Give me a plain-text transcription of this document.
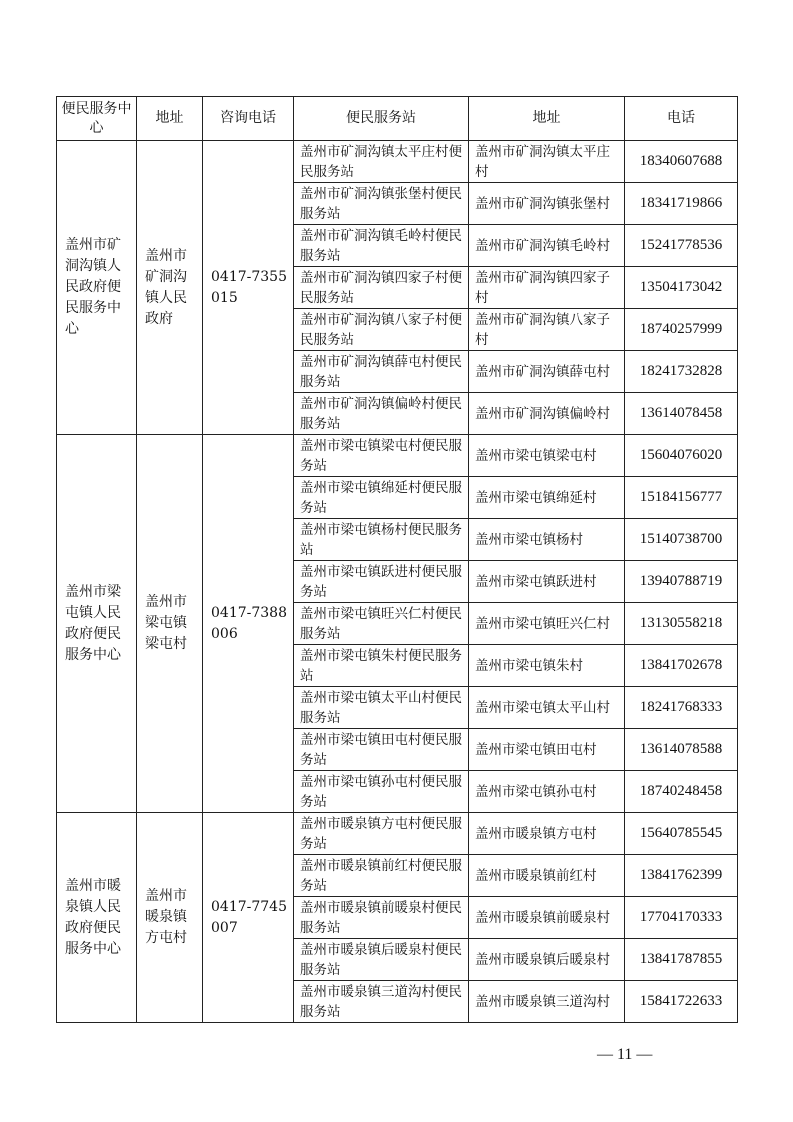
便民服务中心	地址	咨询电话	便民服务站	地址	电话
盖州市矿洞沟镇人民政府便民服务中心	盖州市矿洞沟镇人民政府	0417-7355015	盖州市矿洞沟镇太平庄村便民服务站	盖州市矿洞沟镇太平庄村	18340607688
			盖州市矿洞沟镇张堡村便民服务站	盖州市矿洞沟镇张堡村	18341719866
			盖州市矿洞沟镇毛岭村便民服务站	盖州市矿洞沟镇毛岭村	15241778536
			盖州市矿洞沟镇四家子村便民服务站	盖州市矿洞沟镇四家子村	13504173042
			盖州市矿洞沟镇八家子村便民服务站	盖州市矿洞沟镇八家子村	18740257999
			盖州市矿洞沟镇薛屯村便民服务站	盖州市矿洞沟镇薛屯村	18241732828
			盖州市矿洞沟镇偏岭村便民服务站	盖州市矿洞沟镇偏岭村	13614078458
盖州市梁屯镇人民政府便民服务中心	盖州市梁屯镇梁屯村	0417-7388006	盖州市梁屯镇梁屯村便民服务站	盖州市梁屯镇梁屯村	15604076020
			盖州市梁屯镇绵延村便民服务站	盖州市梁屯镇绵延村	15184156777
			盖州市梁屯镇杨村便民服务站	盖州市梁屯镇杨村	15140738700
			盖州市梁屯镇跃进村便民服务站	盖州市梁屯镇跃进村	13940788719
			盖州市梁屯镇旺兴仁村便民服务站	盖州市梁屯镇旺兴仁村	13130558218
			盖州市梁屯镇朱村便民服务站	盖州市梁屯镇朱村	13841702678
			盖州市梁屯镇太平山村便民服务站	盖州市梁屯镇太平山村	18241768333
			盖州市梁屯镇田屯村便民服务站	盖州市梁屯镇田屯村	13614078588
			盖州市梁屯镇孙屯村便民服务站	盖州市梁屯镇孙屯村	18740248458
盖州市暖泉镇人民政府便民服务中心	盖州市暖泉镇方屯村	0417-7745007	盖州市暖泉镇方屯村便民服务站	盖州市暖泉镇方屯村	15640785545
			盖州市暖泉镇前红村便民服务站	盖州市暖泉镇前红村	13841762399
			盖州市暖泉镇前暖泉村便民服务站	盖州市暖泉镇前暖泉村	17704170333
			盖州市暖泉镇后暖泉村便民服务站	盖州市暖泉镇后暖泉村	13841787855
			盖州市暖泉镇三道沟村便民服务站	盖州市暖泉镇三道沟村	15841722633
— 11 —
